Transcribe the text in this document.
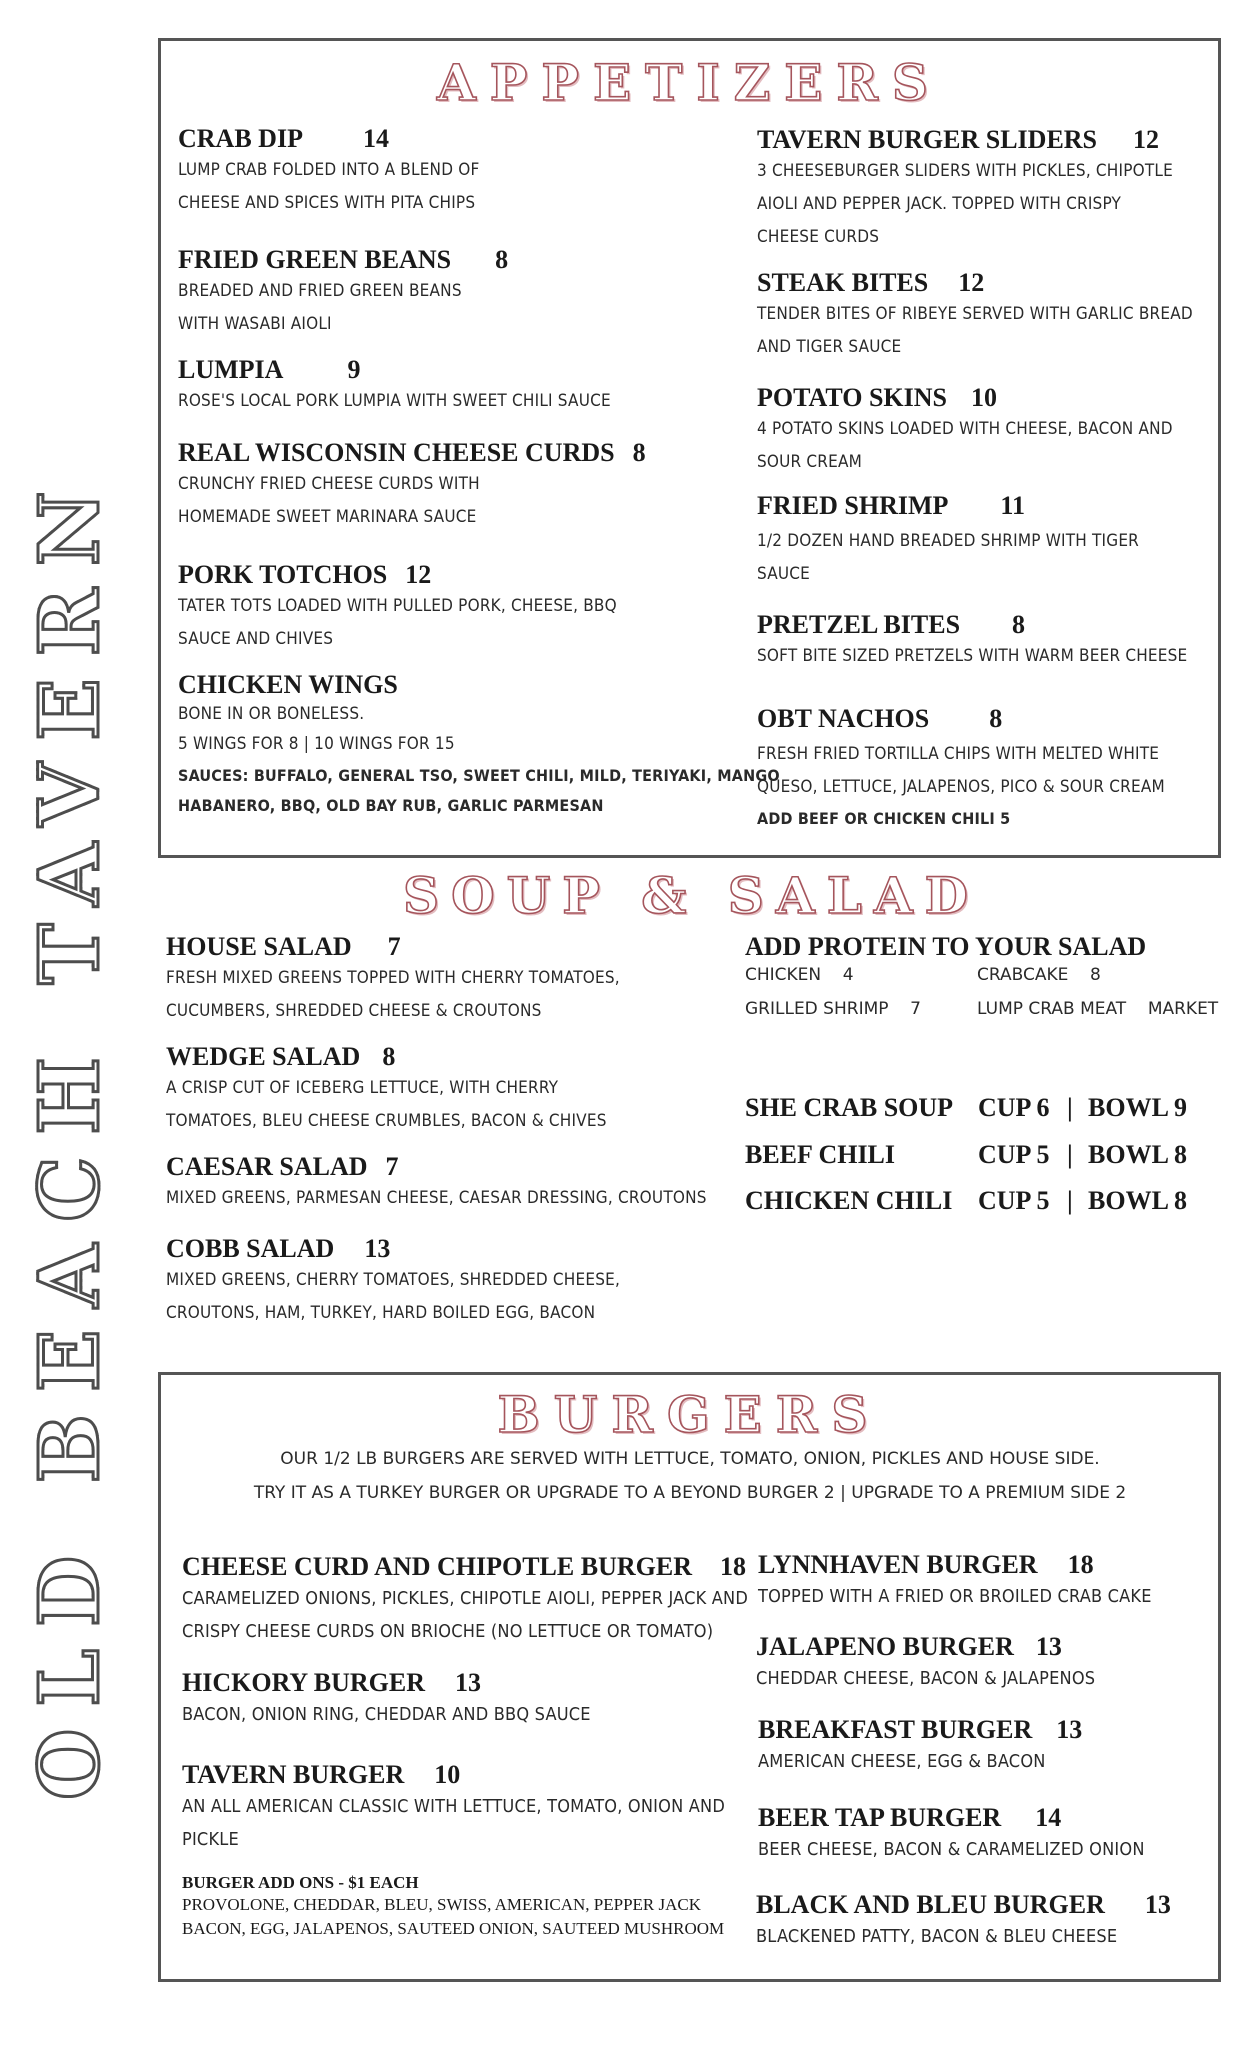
OLD BEACH TAVERN
APPETIZERS
CRAB DIP 14
LUMP CRAB FOLDED INTO A BLEND OF
CHEESE AND SPICES WITH PITA CHIPS
FRIED GREEN BEANS 8
BREADED AND FRIED GREEN BEANS
WITH WASABI AIOLI
LUMPIA 9
ROSE'S LOCAL PORK LUMPIA WITH SWEET CHILI SAUCE
REAL WISCONSIN CHEESE CURDS 8
CRUNCHY FRIED CHEESE CURDS WITH
HOMEMADE SWEET MARINARA SAUCE
PORK TOTCHOS 12
TATER TOTS LOADED WITH PULLED PORK, CHEESE, BBQ
SAUCE AND CHIVES
CHICKEN WINGS
BONE IN OR BONELESS.
5 WINGS FOR 8 | 10 WINGS FOR 15
SAUCES: BUFFALO, GENERAL TSO, SWEET CHILI, MILD, TERIYAKI, MANGO
HABANERO, BBQ, OLD BAY RUB, GARLIC PARMESAN
TAVERN BURGER SLIDERS 12
3 CHEESEBURGER SLIDERS WITH PICKLES, CHIPOTLE
AIOLI AND PEPPER JACK. TOPPED WITH CRISPY
CHEESE CURDS
STEAK BITES 12
TENDER BITES OF RIBEYE SERVED WITH GARLIC BREAD
AND TIGER SAUCE
POTATO SKINS 10
4 POTATO SKINS LOADED WITH CHEESE, BACON AND
SOUR CREAM
FRIED SHRIMP 11
1/2 DOZEN HAND BREADED SHRIMP WITH TIGER
SAUCE
PRETZEL BITES 8
SOFT BITE SIZED PRETZELS WITH WARM BEER CHEESE
OBT NACHOS 8
FRESH FRIED TORTILLA CHIPS WITH MELTED WHITE
QUESO, LETTUCE, JALAPENOS, PICO & SOUR CREAM
ADD BEEF OR CHICKEN CHILI 5
SOUP & SALAD
HOUSE SALAD 7
FRESH MIXED GREENS TOPPED WITH CHERRY TOMATOES,
CUCUMBERS, SHREDDED CHEESE & CROUTONS
WEDGE SALAD 8
A CRISP CUT OF ICEBERG LETTUCE, WITH CHERRY
TOMATOES, BLEU CHEESE CRUMBLES, BACON & CHIVES
CAESAR SALAD 7
MIXED GREENS, PARMESAN CHEESE, CAESAR DRESSING, CROUTONS
COBB SALAD 13
MIXED GREENS, CHERRY TOMATOES, SHREDDED CHEESE,
CROUTONS, HAM, TURKEY, HARD BOILED EGG, BACON
ADD PROTEIN TO YOUR SALAD
CHICKEN 4	CRABCAKE 8
GRILLED SHRIMP 7	LUMP CRAB MEAT MARKET
SHE CRAB SOUP CUP 6 | BOWL 9
BEEF CHILI	CUP 5 | BOWL 8
CHICKEN CHILI CUP 5 | BOWL 8
BURGERS
OUR 1/2 LB BURGERS ARE SERVED WITH LETTUCE, TOMATO, ONION, PICKLES AND HOUSE SIDE.
TRY IT AS A TURKEY BURGER OR UPGRADE TO A BEYOND BURGER 2 | UPGRADE TO A PREMIUM SIDE 2
CHEESE CURD AND CHIPOTLE BURGER 18
CARAMELIZED ONIONS, PICKLES, CHIPOTLE AIOLI, PEPPER JACK AND
CRISPY CHEESE CURDS ON BRIOCHE (NO LETTUCE OR TOMATO)
HICKORY BURGER 13
BACON, ONION RING, CHEDDAR AND BBQ SAUCE
TAVERN BURGER 10
AN ALL AMERICAN CLASSIC WITH LETTUCE, TOMATO, ONION AND
PICKLE
BURGER ADD ONS - $1 EACH
PROVOLONE, CHEDDAR, BLEU, SWISS, AMERICAN, PEPPER JACK
BACON, EGG, JALAPENOS, SAUTEED ONION, SAUTEED MUSHROOM
LYNNHAVEN BURGER 18
TOPPED WITH A FRIED OR BROILED CRAB CAKE
JALAPENO BURGER 13
CHEDDAR CHEESE, BACON & JALAPENOS
BREAKFAST BURGER 13
AMERICAN CHEESE, EGG & BACON
BEER TAP BURGER 14
BEER CHEESE, BACON & CARAMELIZED ONION
BLACK AND BLEU BURGER 13
BLACKENED PATTY, BACON & BLEU CHEESE
